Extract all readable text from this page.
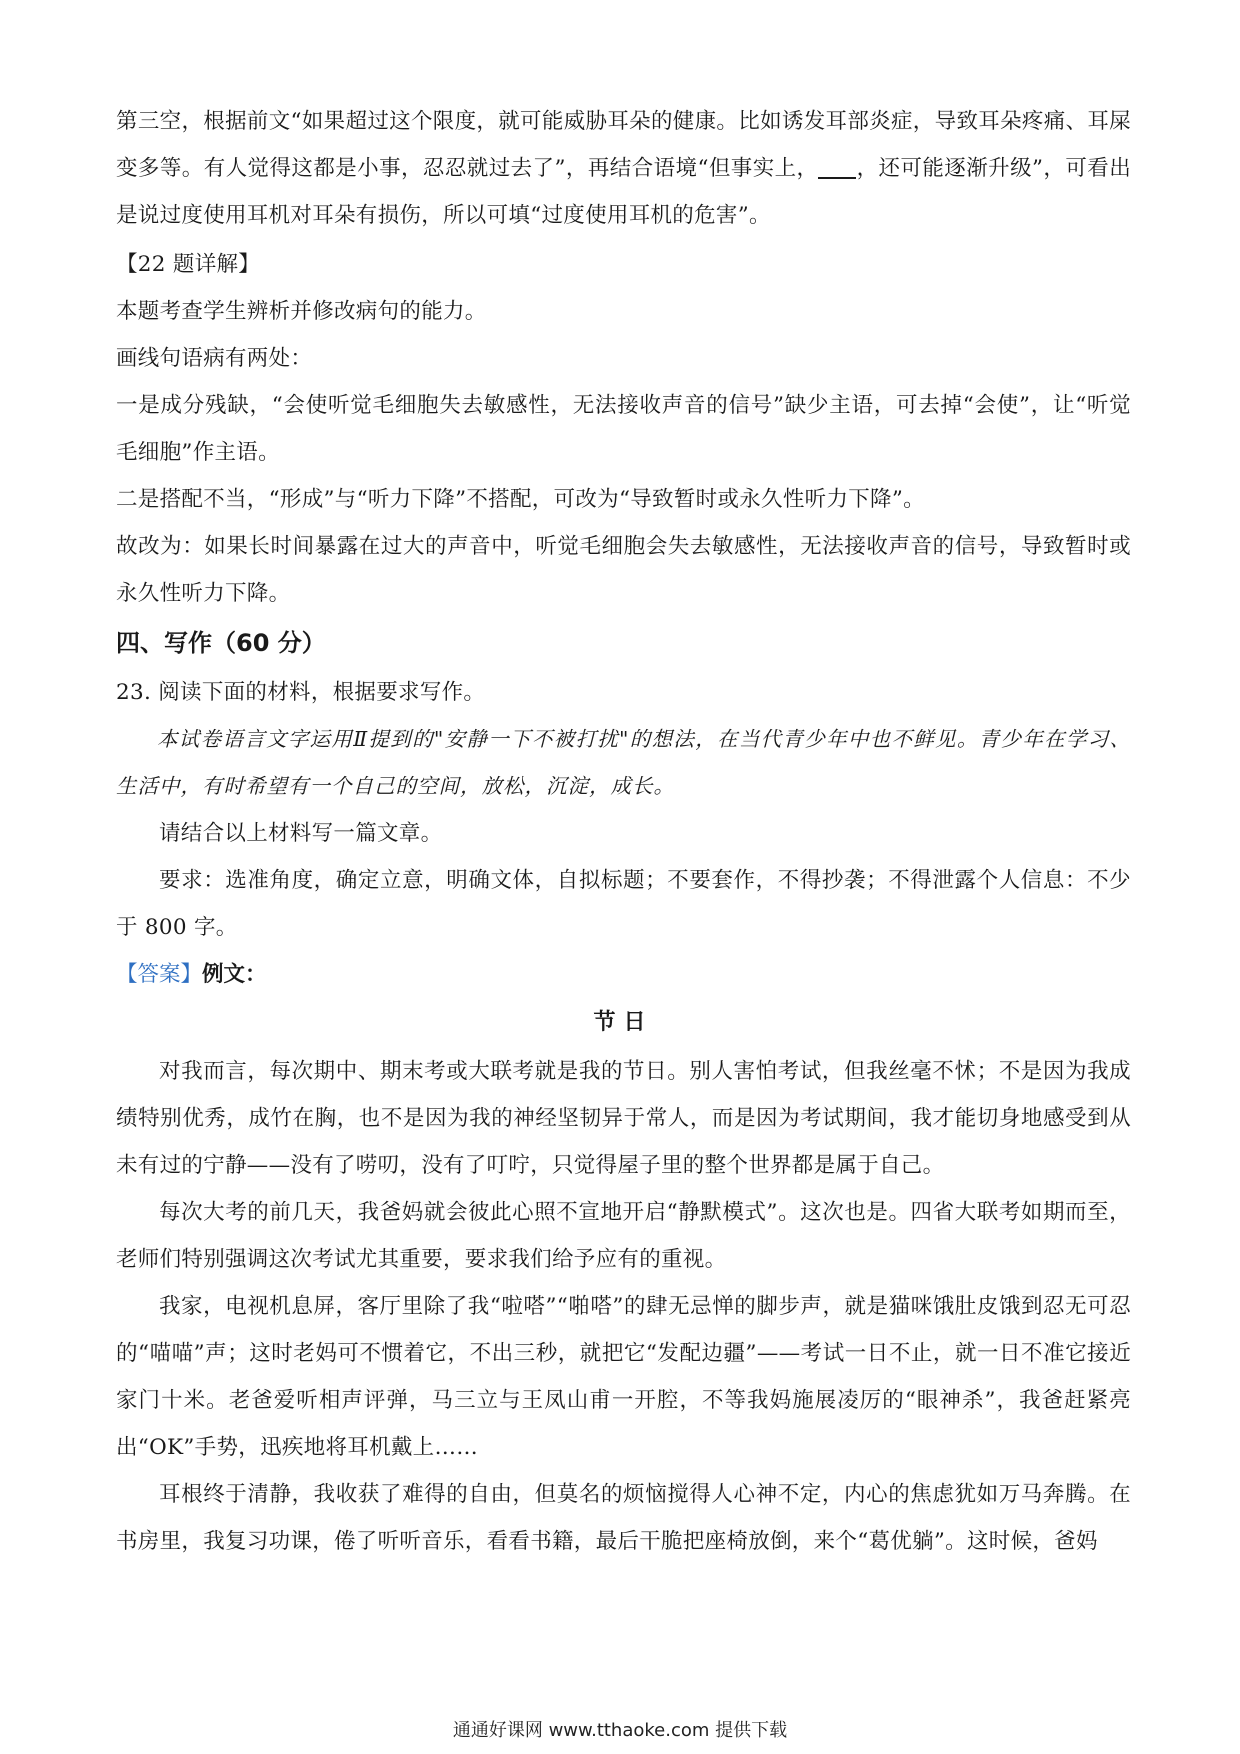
第三空，根据前文“如果超过这个限度，就可能威胁耳朵的健康。比如诱发耳部炎症，导致耳朵疼痛、耳屎变多等。有人觉得这都是小事，忍忍就过去了”，再结合语境“但事实上， ，还可能逐渐升级”，可看出是说过度使用耳机对耳朵有损伤，所以可填“过度使用耳机的危害”。

【22 题详解】

本题考查学生辨析并修改病句的能力。

画线句语病有两处：

一是成分残缺，“会使听觉毛细胞失去敏感性，无法接收声音的信号”缺少主语，可去掉“会使”，让“听觉毛细胞”作主语。

二是搭配不当，“形成”与“听力下降”不搭配，可改为“导致暂时或永久性听力下降”。

故改为：如果长时间暴露在过大的声音中，听觉毛细胞会失去敏感性，无法接收声音的信号，导致暂时或永久性听力下降。

四、写作（60 分）

23. 阅读下面的材料，根据要求写作。

本试卷语言文字运用Ⅱ提到的"安静一下不被打扰"的想法，在当代青少年中也不鲜见。青少年在学习、生活中，有时希望有一个自己的空间，放松，沉淀，成长。

请结合以上材料写一篇文章。

要求：选准角度，确定立意，明确文体，自拟标题；不要套作，不得抄袭；不得泄露个人信息：不少于 800 字。

【答案】例文：

节日

对我而言，每次期中、期末考或大联考就是我的节日。别人害怕考试，但我丝毫不怵；不是因为我成绩特别优秀，成竹在胸，也不是因为我的神经坚韧异于常人，而是因为考试期间，我才能切身地感受到从未有过的宁静——没有了唠叨，没有了叮咛，只觉得屋子里的整个世界都是属于自己。

每次大考的前几天，我爸妈就会彼此心照不宣地开启“静默模式”。这次也是。四省大联考如期而至，老师们特别强调这次考试尤其重要，要求我们给予应有的重视。

我家，电视机息屏，客厅里除了我“啦嗒”“啪嗒”的肆无忌惮的脚步声，就是猫咪饿肚皮饿到忍无可忍的“喵喵”声；这时老妈可不惯着它，不出三秒，就把它“发配边疆”——考试一日不止，就一日不准它接近家门十米。老爸爱听相声评弹，马三立与王凤山甫一开腔，不等我妈施展凌厉的“眼神杀”，我爸赶紧亮出“OK”手势，迅疾地将耳机戴上……

耳根终于清静，我收获了难得的自由，但莫名的烦恼搅得人心神不定，内心的焦虑犹如万马奔腾。在书房里，我复习功课，倦了听听音乐，看看书籍，最后干脆把座椅放倒，来个“葛优躺”。这时候，爸妈

通通好课网 www.tthaoke.com 提供下载
